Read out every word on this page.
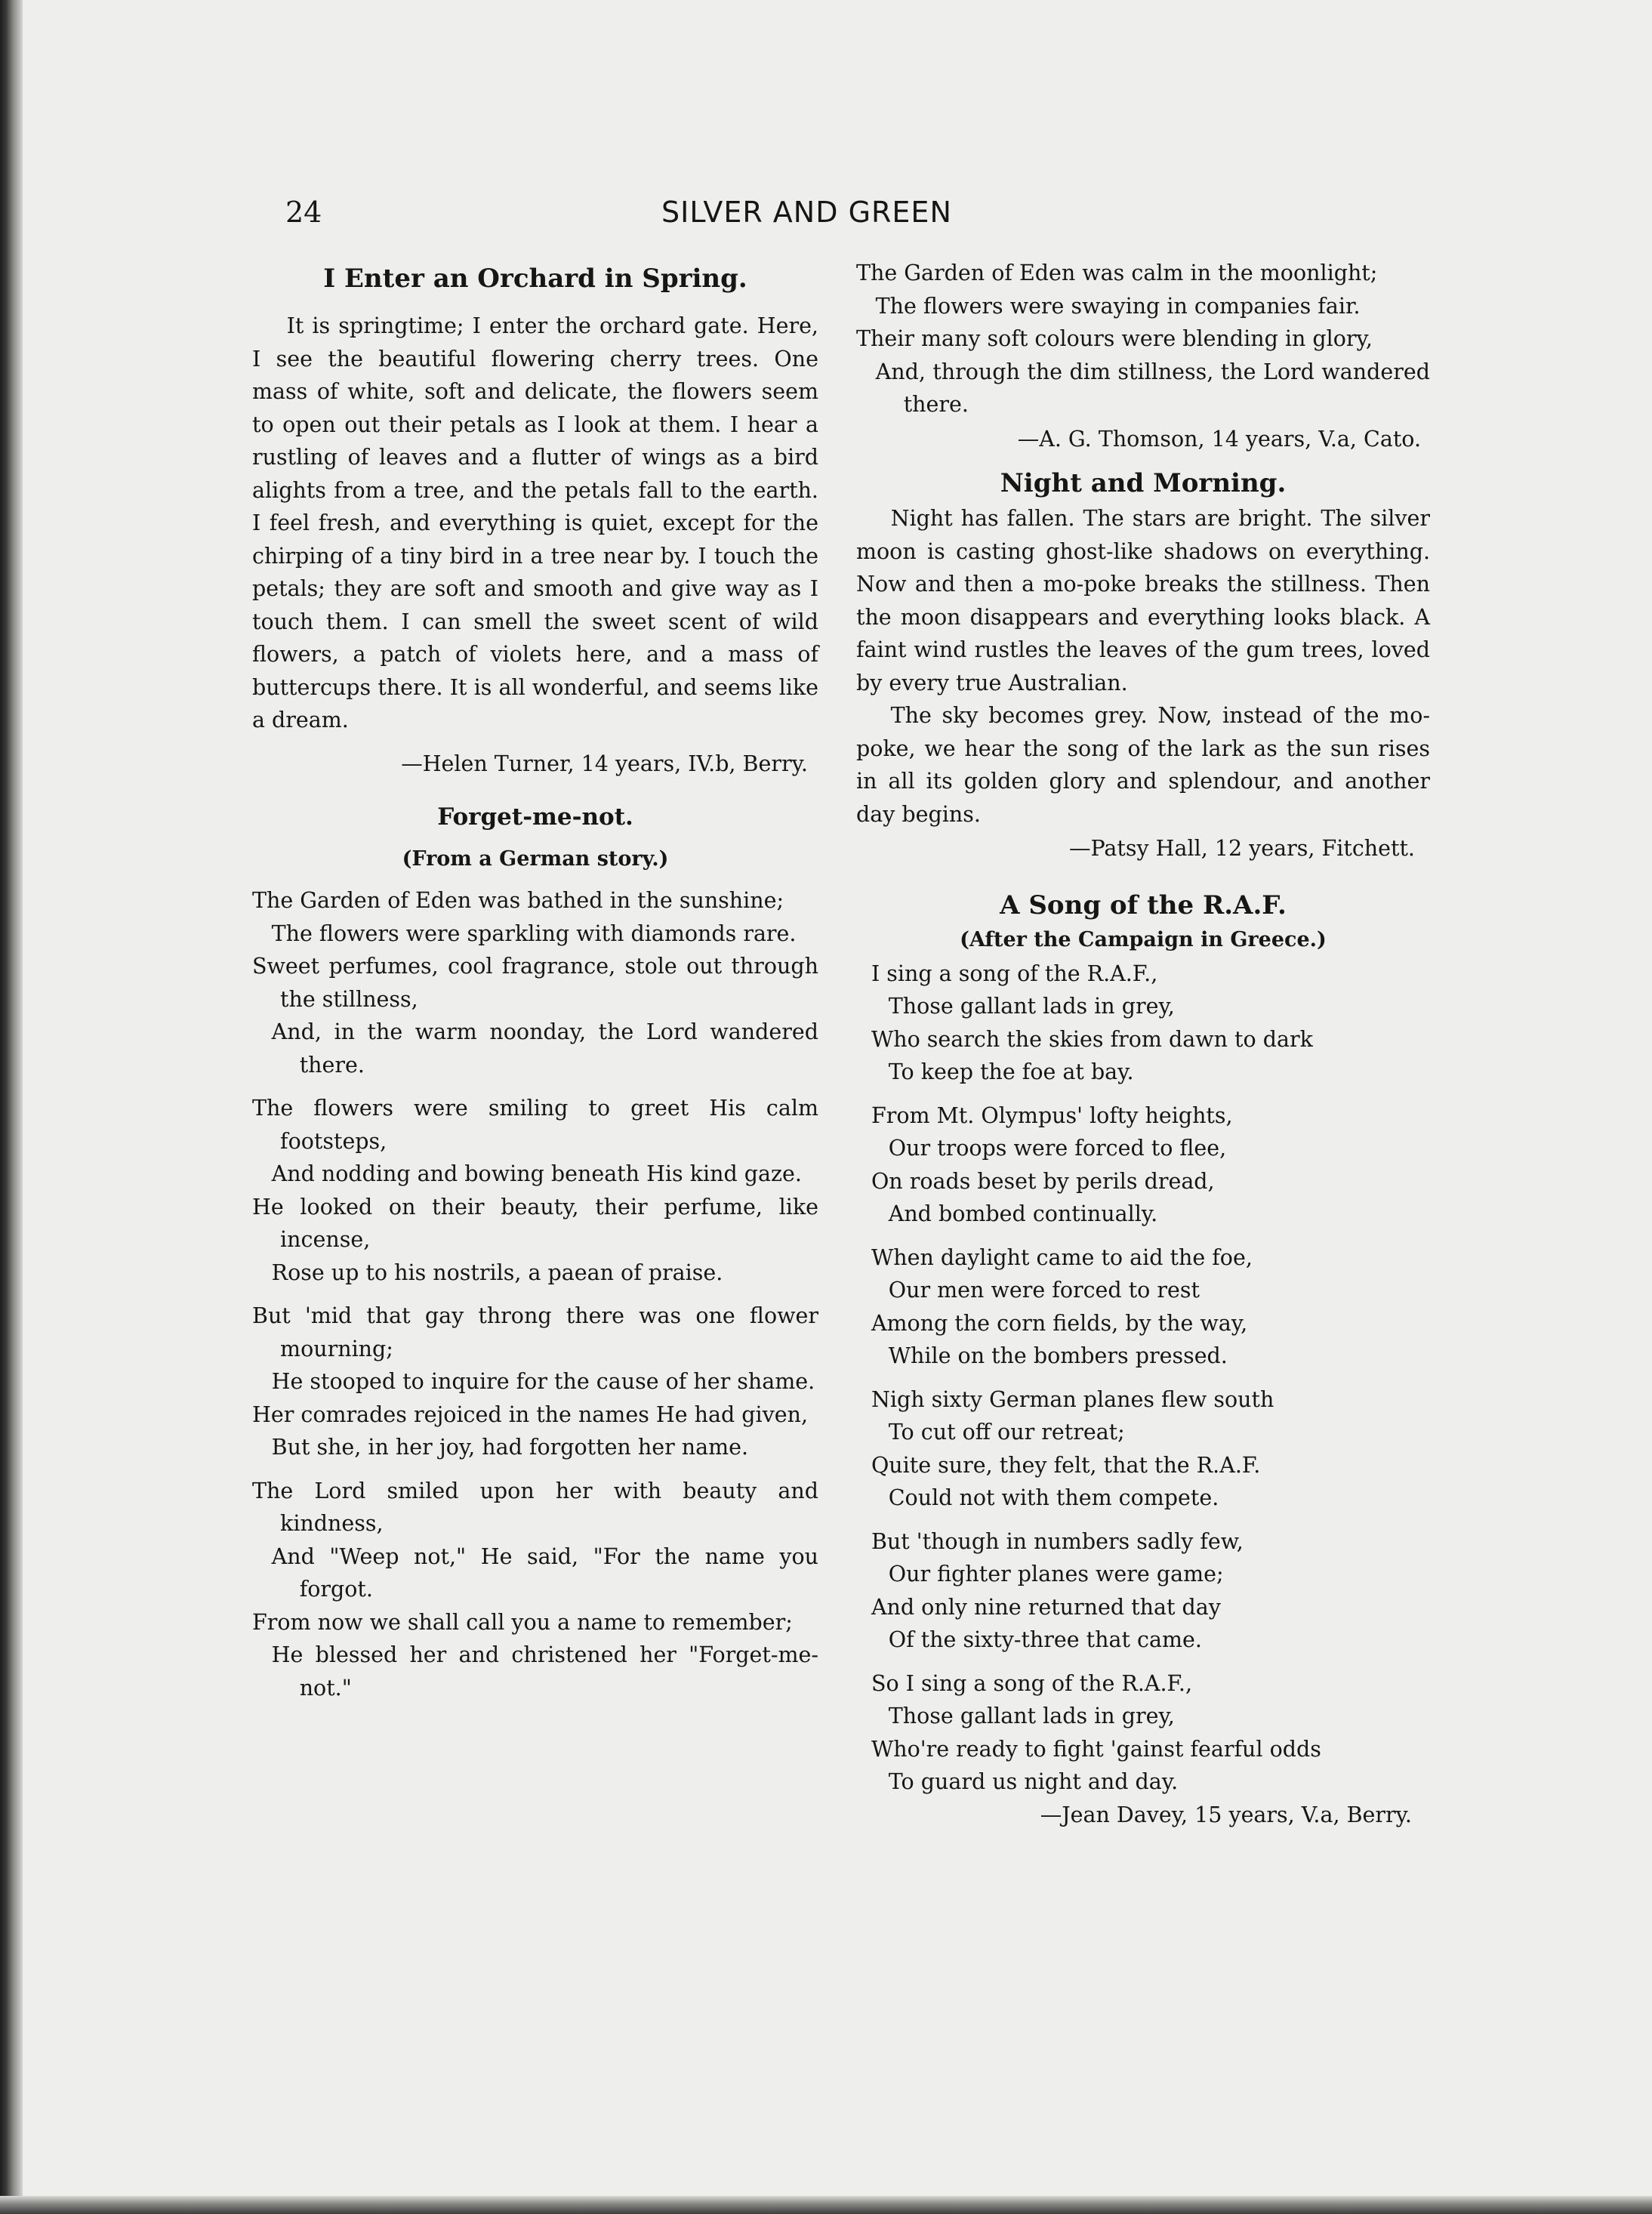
24	SILVER AND GREEN
I Enter an Orchard in Spring.

It is springtime; I enter the orchard gate. Here, I see the beautiful flowering cherry trees. One mass of white, soft and delicate, the flowers seem to open out their petals as I look at them. I hear a rustling of leaves and a flutter of wings as a bird alights from a tree, and the petals fall to the earth. I feel fresh, and everything is quiet, except for the chirping of a tiny bird in a tree near by. I touch the petals; they are soft and smooth and give way as I touch them. I can smell the sweet scent of wild flowers, a patch of violets here, and a mass of buttercups there. It is all wonderful, and seems like a dream.

—Helen Turner, 14 years, IV.b, Berry.
Forget-me-not.
(From a German story.)
The Garden of Eden was bathed in the sunshine;
The flowers were sparkling with diamonds rare.
Sweet perfumes, cool fragrance, stole out through the stillness,
And, in the warm noonday, the Lord wandered there.
The flowers were smiling to greet His calm footsteps,
And nodding and bowing beneath His kind gaze.
He looked on their beauty, their perfume, like incense,
Rose up to his nostrils, a paean of praise.
But 'mid that gay throng there was one flower mourning;
He stooped to inquire for the cause of her shame.
Her comrades rejoiced in the names He had given,
But she, in her joy, had forgotten her name.
The Lord smiled upon her with beauty and kindness,
And "Weep not," He said, "For the name you forgot.
From now we shall call you a name to remember;
He blessed her and christened her "Forget-me-not."
The Garden of Eden was calm in the moonlight;
The flowers were swaying in companies fair.
Their many soft colours were blending in glory,
And, through the dim stillness, the Lord wandered there.
—A. G. Thomson, 14 years, V.a, Cato.
Night and Morning.

Night has fallen. The stars are bright. The silver moon is casting ghost-like shadows on everything. Now and then a mo-poke breaks the stillness. Then the moon disappears and everything looks black. A faint wind rustles the leaves of the gum trees, loved by every true Australian.

The sky becomes grey. Now, instead of the mo-poke, we hear the song of the lark as the sun rises in all its golden glory and splendour, and another day begins.

—Patsy Hall, 12 years, Fitchett.
A Song of the R.A.F.
(After the Campaign in Greece.)
I sing a song of the R.A.F.,
Those gallant lads in grey,
Who search the skies from dawn to dark
To keep the foe at bay.
From Mt. Olympus' lofty heights,
Our troops were forced to flee,
On roads beset by perils dread,
And bombed continually.
When daylight came to aid the foe,
Our men were forced to rest
Among the corn fields, by the way,
While on the bombers pressed.
Nigh sixty German planes flew south
To cut off our retreat;
Quite sure, they felt, that the R.A.F.
Could not with them compete.
But 'though in numbers sadly few,
Our fighter planes were game;
And only nine returned that day
Of the sixty-three that came.
So I sing a song of the R.A.F.,
Those gallant lads in grey,
Who're ready to fight 'gainst fearful odds
To guard us night and day.
—Jean Davey, 15 years, V.a, Berry.
